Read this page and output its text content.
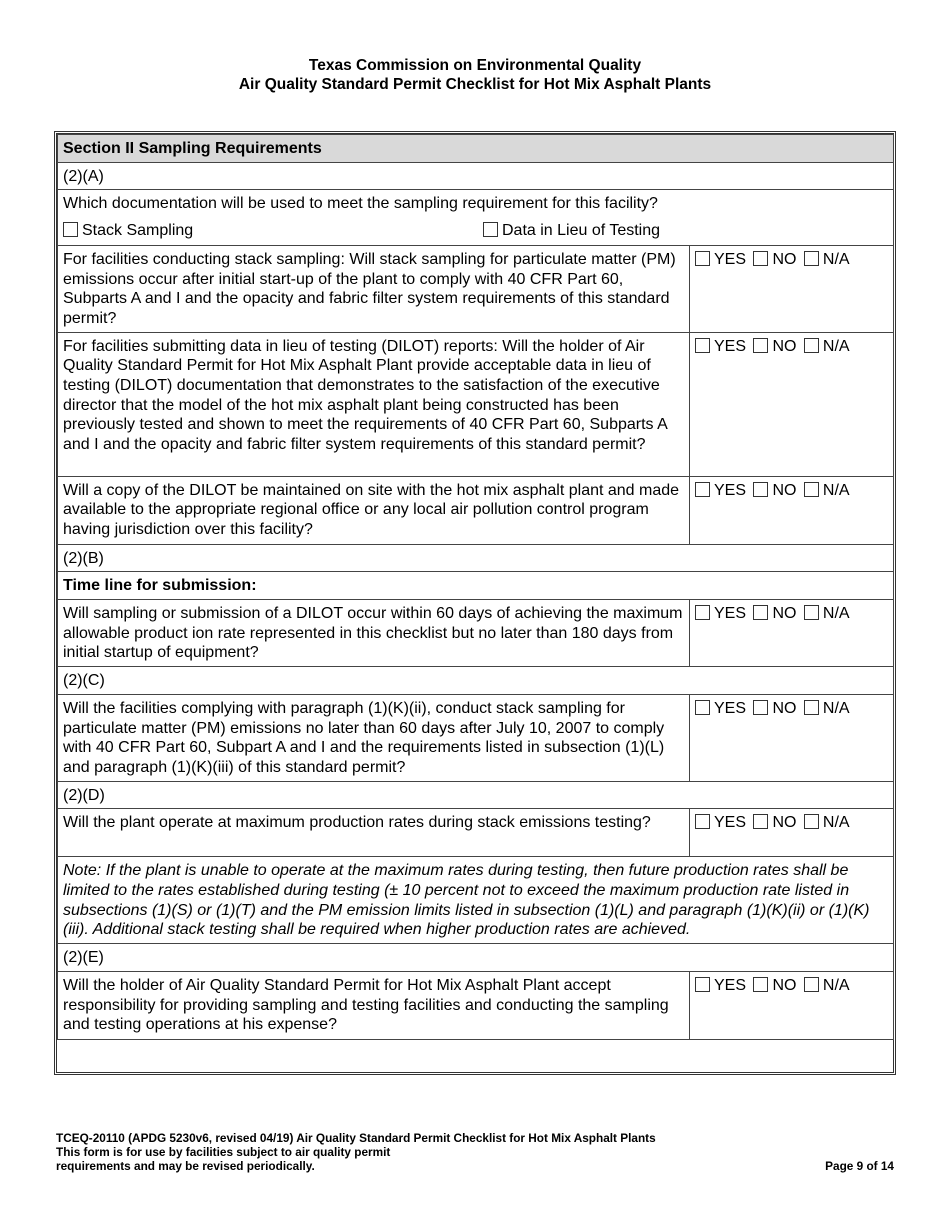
Texas Commission on Environmental Quality
Air Quality Standard Permit Checklist for Hot Mix Asphalt Plants
Section II Sampling Requirements	
(2)(A)	

Which documentation will be used to meet the sampling requirement for this facility?
Stack Sampling Data in Lieu of Testing	

For facilities conducting stack sampling: Will stack sampling for particulate matter (PM) emissions occur after initial start-up of the plant to comply with 40 CFR Part 60, Subparts A and I and the opacity and fabric filter system requirements of this standard permit?	YES NO N/A
For facilities submitting data in lieu of testing (DILOT) reports: Will the holder of Air Quality Standard Permit for Hot Mix Asphalt Plant provide acceptable data in lieu of testing (DILOT) documentation that demonstrates to the satisfaction of the executive director that the model of the hot mix asphalt plant being constructed has been previously tested and shown to meet the requirements of 40 CFR Part 60, Subparts A and I and the opacity and fabric filter system requirements of this standard permit?	YES NO N/A
Will a copy of the DILOT be maintained on site with the hot mix asphalt plant and made available to the appropriate regional office or any local air pollution control program having jurisdiction over this facility?	YES NO N/A
(2)(B)	
Time line for submission:	
Will sampling or submission of a DILOT occur within 60 days of achieving the maximum allowable product ion rate represented in this checklist but no later than 180 days from initial startup of equipment?	YES NO N/A
(2)(C)	
Will the facilities complying with paragraph (1)(K)(ii), conduct stack sampling for particulate matter (PM) emissions no later than 60 days after July 10, 2007 to comply with 40 CFR Part 60, Subpart A and I and the requirements listed in subsection (1)(L) and paragraph (1)(K)(iii) of this standard permit?	YES NO N/A
(2)(D)	
Will the plant operate at maximum production rates during stack emissions testing?	YES NO N/A
Note: If the plant is unable to operate at the maximum rates during testing, then future production rates shall be limited to the rates established during testing (± 10 percent not to exceed the maximum production rate listed in subsections (1)(S) or (1)(T) and the PM emission limits listed in subsection (1)(L) and paragraph (1)(K)(ii) or (1)(K)(iii). Additional stack testing shall be required when higher production rates are achieved.	
(2)(E)	
Will the holder of Air Quality Standard Permit for Hot Mix Asphalt Plant accept responsibility for providing sampling and testing facilities and conducting the sampling and testing operations at his expense?	YES NO N/A
TCEQ-20110 (APDG 5230v6, revised 04/19) Air Quality Standard Permit Checklist for Hot Mix Asphalt Plants
This form is for use by facilities subject to air quality permit
requirements and may be revised periodically.	Page 9 of 14
